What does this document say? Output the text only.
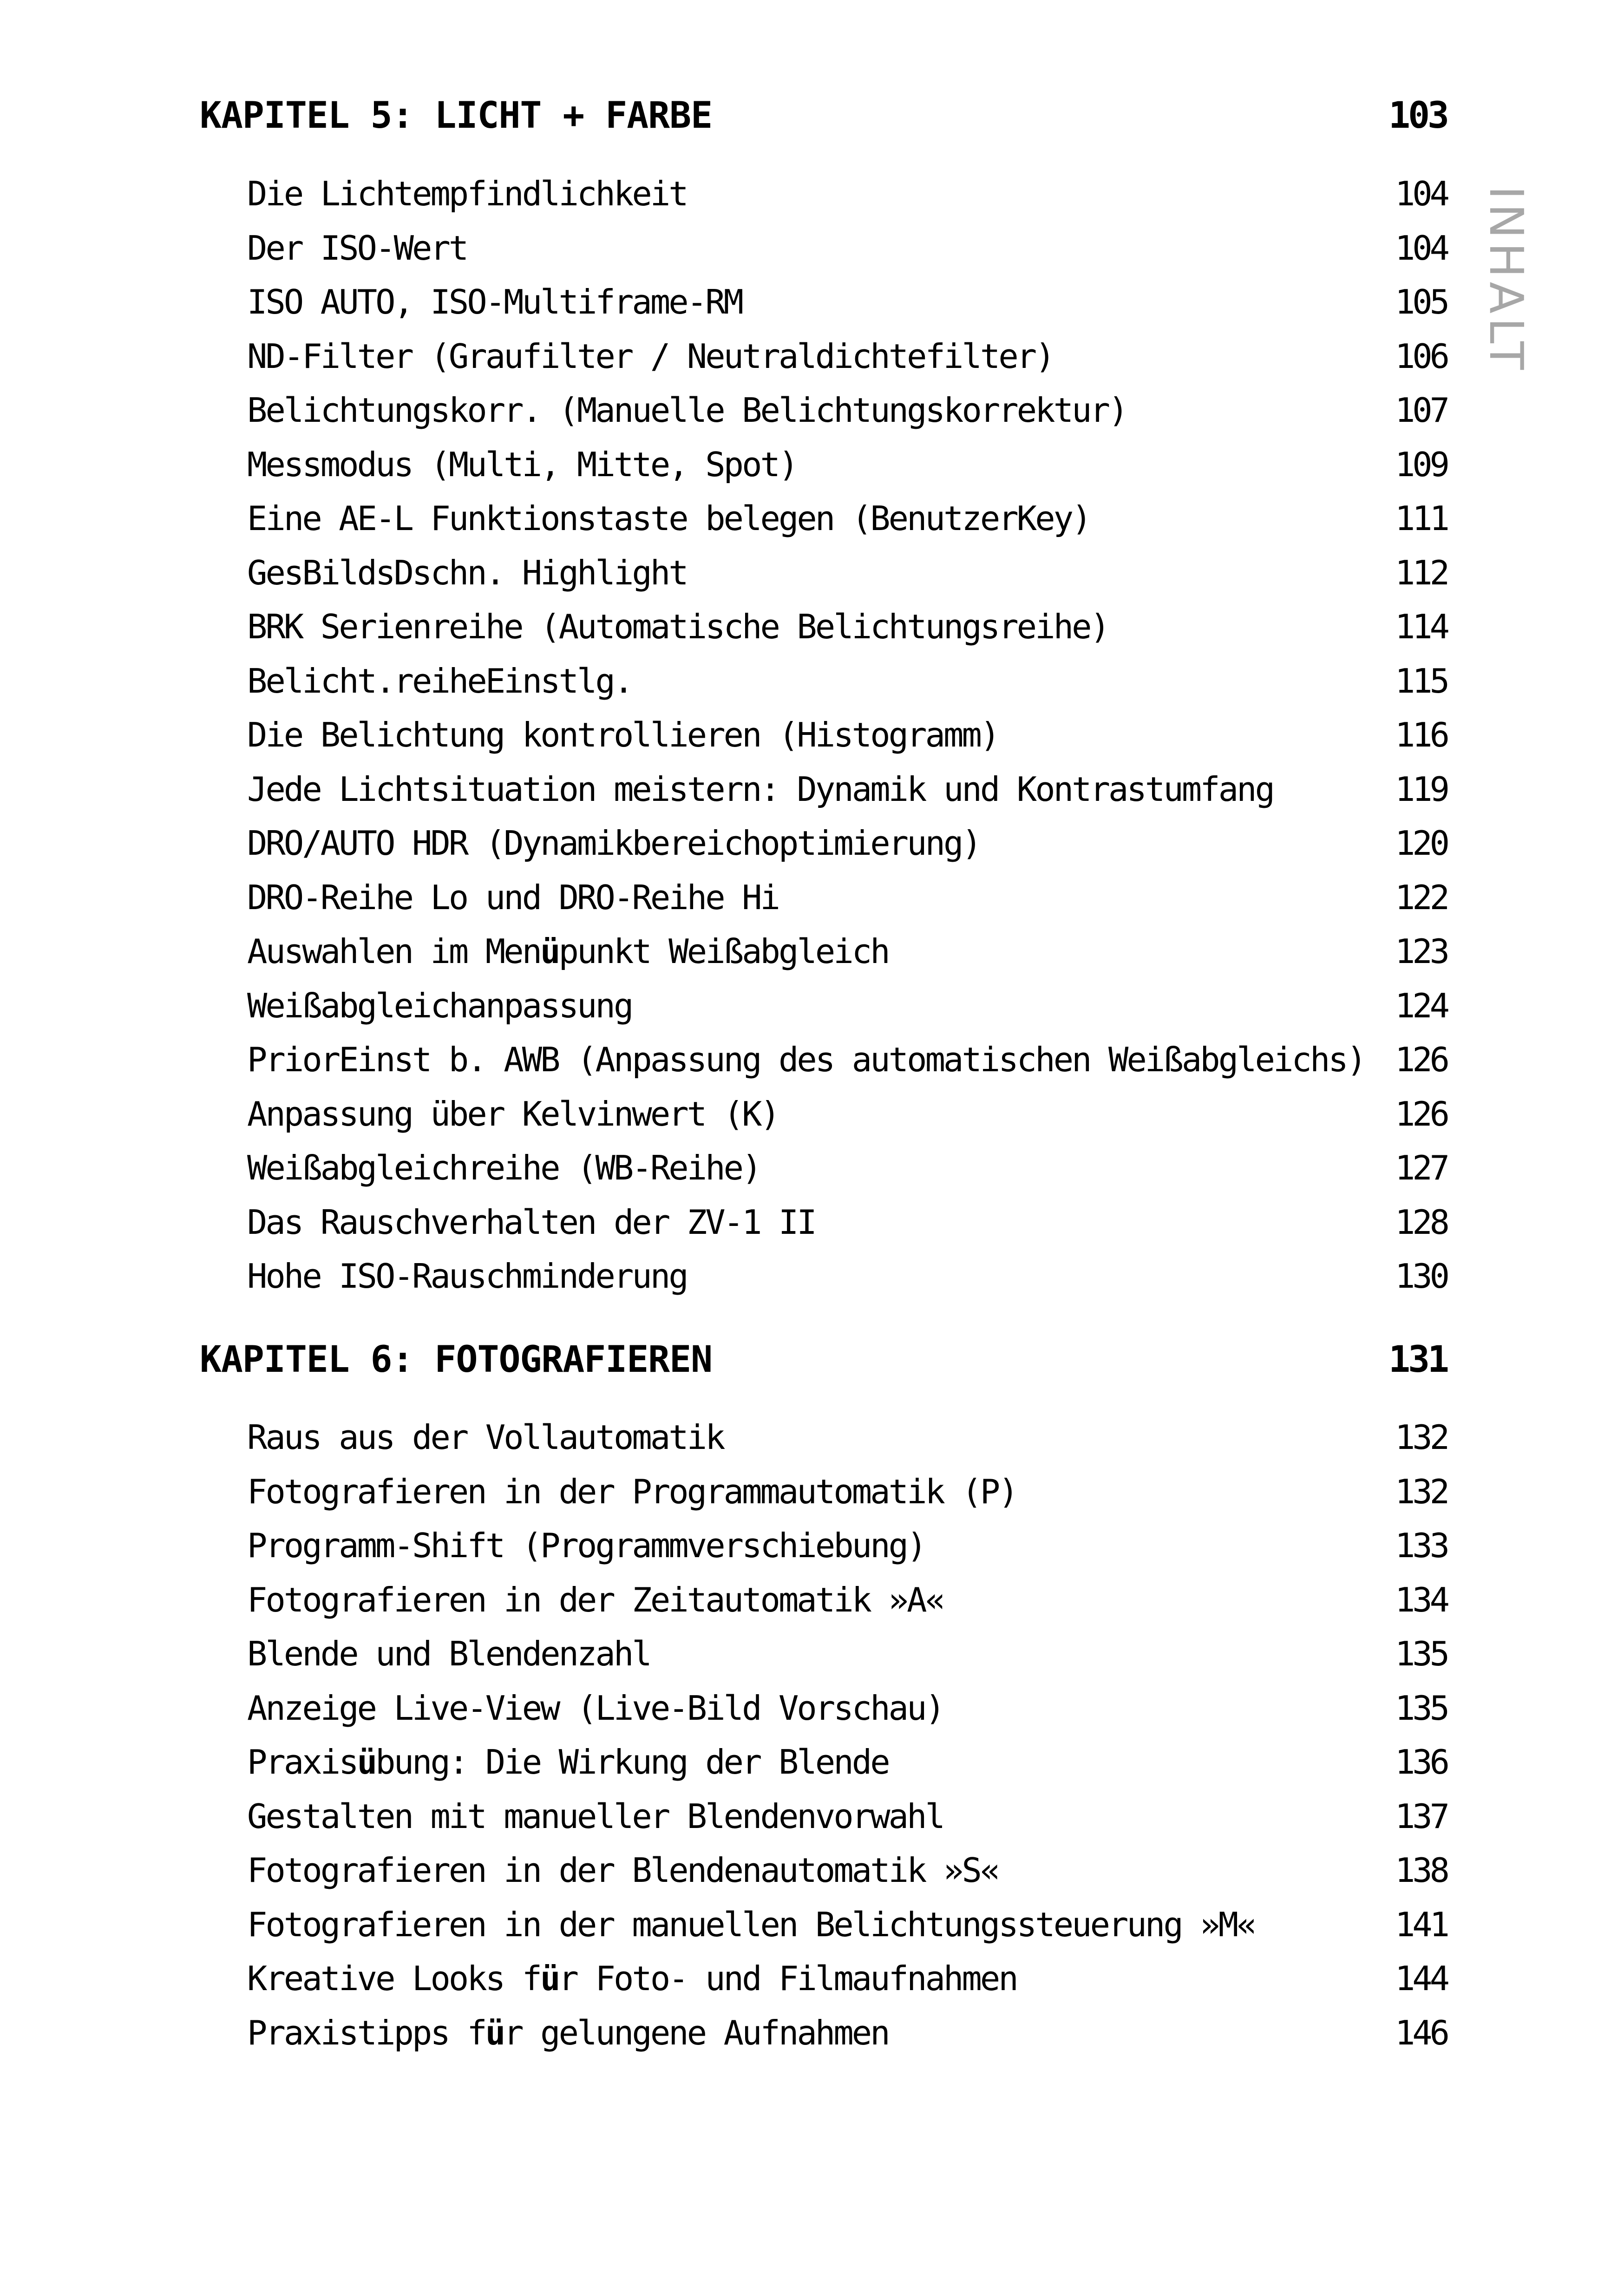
INHALT
KAPITEL 5: LICHT + FARBE	103
Die Lichtempfindlichkeit	104
Der ISO-Wert	104
ISO AUTO, ISO-Multiframe-RM	105
ND-Filter (Graufilter / Neutraldichtefilter)	106
Belichtungskorr. (Manuelle Belichtungskorrektur)	107
Messmodus (Multi, Mitte, Spot)	109
Eine AE-L Funktionstaste belegen (BenutzerKey)	111
GesBildsDschn. Highlight	112
BRK Serienreihe (Automatische Belichtungsreihe)	114
Belicht.reiheEinstlg.	115
Die Belichtung kontrollieren (Histogramm)	116
Jede Lichtsituation meistern: Dynamik und Kontrastumfang	119
DRO/AUTO HDR (Dynamikbereichoptimierung)	120
DRO-Reihe Lo und DRO-Reihe Hi	122
Auswahlen im Menüpunkt Weißabgleich	123
Weißabgleichanpassung	124
PriorEinst b. AWB (Anpassung des automatischen Weißabgleichs) 126
Anpassung über Kelvinwert (K)	126
Weißabgleichreihe (WB-Reihe)	127
Das Rauschverhalten der ZV-1 II	128
Hohe ISO-Rauschminderung	130
KAPITEL 6: FOTOGRAFIEREN	131
Raus aus der Vollautomatik	132
Fotografieren in der Programmautomatik (P)	132
Programm-Shift (Programmverschiebung)	133
Fotografieren in der Zeitautomatik »A«	134
Blende und Blendenzahl	135
Anzeige Live-View (Live-Bild Vorschau)	135
Praxisübung: Die Wirkung der Blende	136
Gestalten mit manueller Blendenvorwahl	137
Fotografieren in der Blendenautomatik »S«	138
Fotografieren in der manuellen Belichtungssteuerung »M«	141
Kreative Looks für Foto- und Filmaufnahmen	144
Praxistipps für gelungene Aufnahmen	146
